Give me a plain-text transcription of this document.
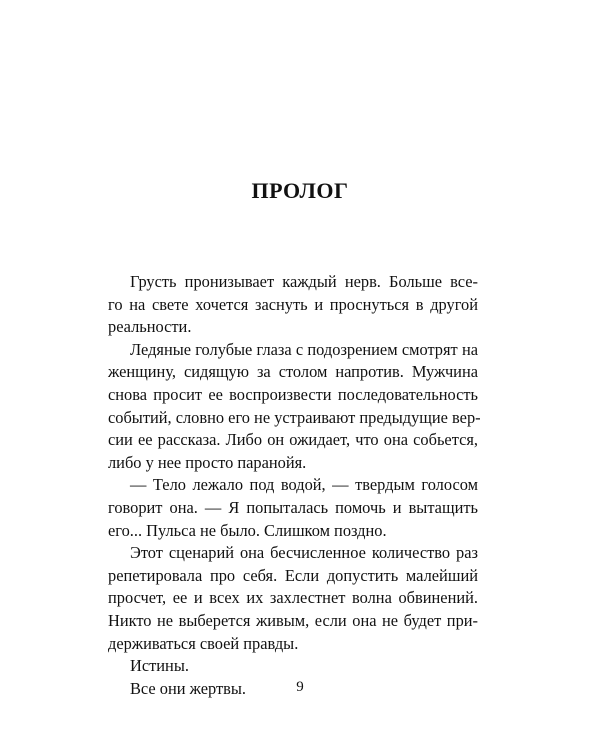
ПРОЛОГ
Грусть пронизывает каждый нерв. Больше все-
го на свете хочется заснуть и проснуться в другой
реальности.
Ледяные голубые глаза с подозрением смотрят на
женщину, сидящую за столом напротив. Мужчина
снова просит ее воспроизвести последовательность
событий, словно его не устраивают предыдущие вер-
сии ее рассказа. Либо он ожидает, что она собьется,
либо у нее просто паранойя.
— Тело лежало под водой, — твердым голосом
говорит она. — Я попыталась помочь и вытащить
его... Пульса не было. Слишком поздно.
Этот сценарий она бесчисленное количество раз
репетировала про себя. Если допустить малейший
просчет, ее и всех их захлестнет волна обвинений.
Никто не выберется живым, если она не будет при-
держиваться своей правды.
Истины.
Все они жертвы.	9
